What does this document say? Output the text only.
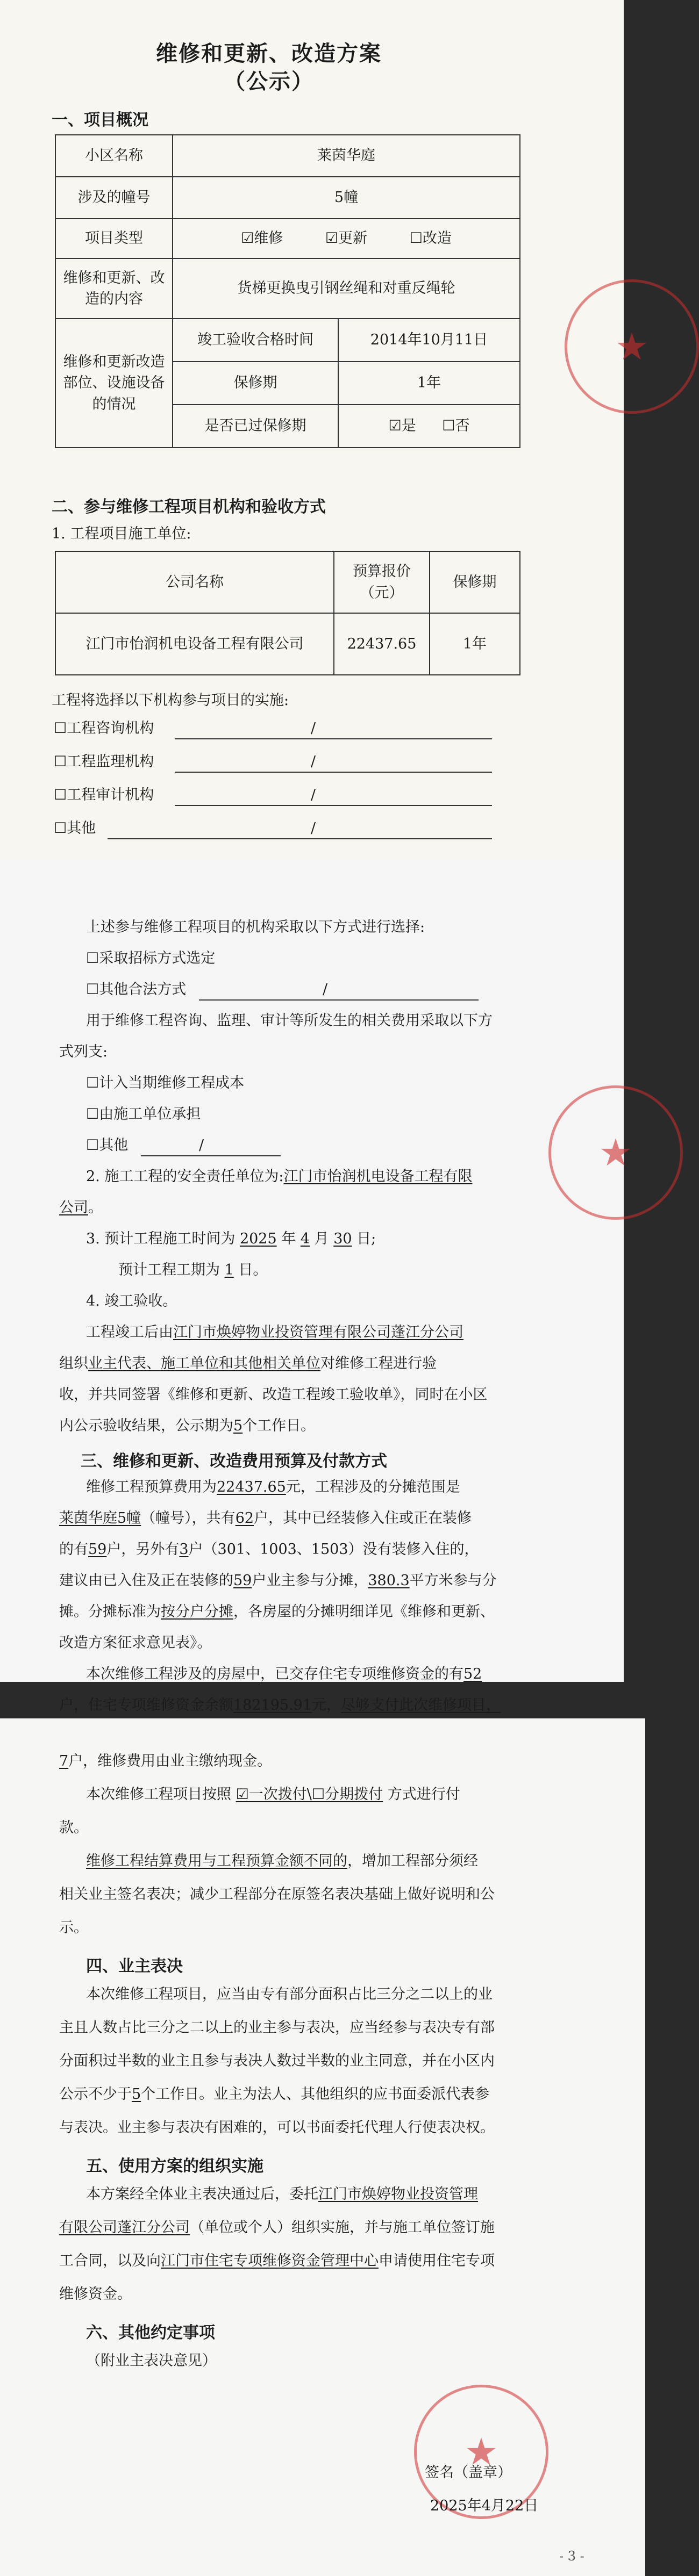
维修和更新、改造方案
（公示）
一、项目概况
小区名称	莱茵华庭	
涉及的幢号	5幢	
项目类型	☑维修 ☑更新 ☐改造	
维修和更新、改造的内容	货梯更换曳引钢丝绳和对重反绳轮	
维修和更新改造部位、设施设备的情况	竣工验收合格时间	2014年10月11日
	保修期	1年
	是否已过保修期	☑是 ☐否
二、参与维修工程项目机构和验收方式
1. 工程项目施工单位:
公司名称	预算报价（元）	保修期
江门市怡润机电设备工程有限公司	22437.65	1年
工程将选择以下机构参与项目的实施:
☐工程咨询机构	/
☐工程监理机构	/
☐工程审计机构	/
☐其他	/
★
上述参与维修工程项目的机构采取以下方式进行选择:
☐采取招标方式选定
☐其他合法方式	/
用于维修工程咨询、监理、审计等所发生的相关费用采取以下方
式列支:
☐计入当期维修工程成本
☐由施工单位承担
☐其他	/
2. 施工工程的安全责任单位为:江门市怡润机电设备工程有限
公司。
3. 预计工程施工时间为 2025 年 4 月 30 日;
预计工程工期为 1 日。
4. 竣工验收。
工程竣工后由江门市焕婷物业投资管理有限公司蓬江分公司
组织业主代表、施工单位和其他相关单位对维修工程进行验
收，并共同签署《维修和更新、改造工程竣工验收单》，同时在小区
内公示验收结果，公示期为5个工作日。
三、维修和更新、改造费用预算及付款方式
维修工程预算费用为22437.65元，工程涉及的分摊范围是
莱茵华庭5幢（幢号），共有62户，其中已经装修入住或正在装修
的有59户，另外有3户（301、1003、1503）没有装修入住的，
建议由已入住及正在装修的59户业主参与分摊，380.3平方米参与分
摊。分摊标准为按分户分摊，各房屋的分摊明细详见《维修和更新、
改造方案征求意见表》。
本次维修工程涉及的房屋中，已交存住宅专项维修资金的有52
户，住宅专项维修资金余额182195.91元，尽够支付此次维修项目，
★
7户，维修费用由业主缴纳现金。
本次维修工程项目按照 ☑一次拨付\☐分期拨付 方式进行付
款。
维修工程结算费用与工程预算金额不同的，增加工程部分须经
相关业主签名表决；减少工程部分在原签名表决基础上做好说明和公
示。
四、业主表决
本次维修工程项目，应当由专有部分面积占比三分之二以上的业
主且人数占比三分之二以上的业主参与表决，应当经参与表决专有部
分面积过半数的业主且参与表决人数过半数的业主同意，并在小区内
公示不少于5个工作日。业主为法人、其他组织的应书面委派代表参
与表决。业主参与表决有困难的，可以书面委托代理人行使表决权。
五、使用方案的组织实施
本方案经全体业主表决通过后，委托江门市焕婷物业投资管理
有限公司蓬江分公司（单位或个人）组织实施，并与施工单位签订施
工合同，以及向江门市住宅专项维修资金管理中心申请使用住宅专项
维修资金。
六、其他约定事项
（附业主表决意见）
★
签名（盖章）
2025年4月22日
- 3 -
